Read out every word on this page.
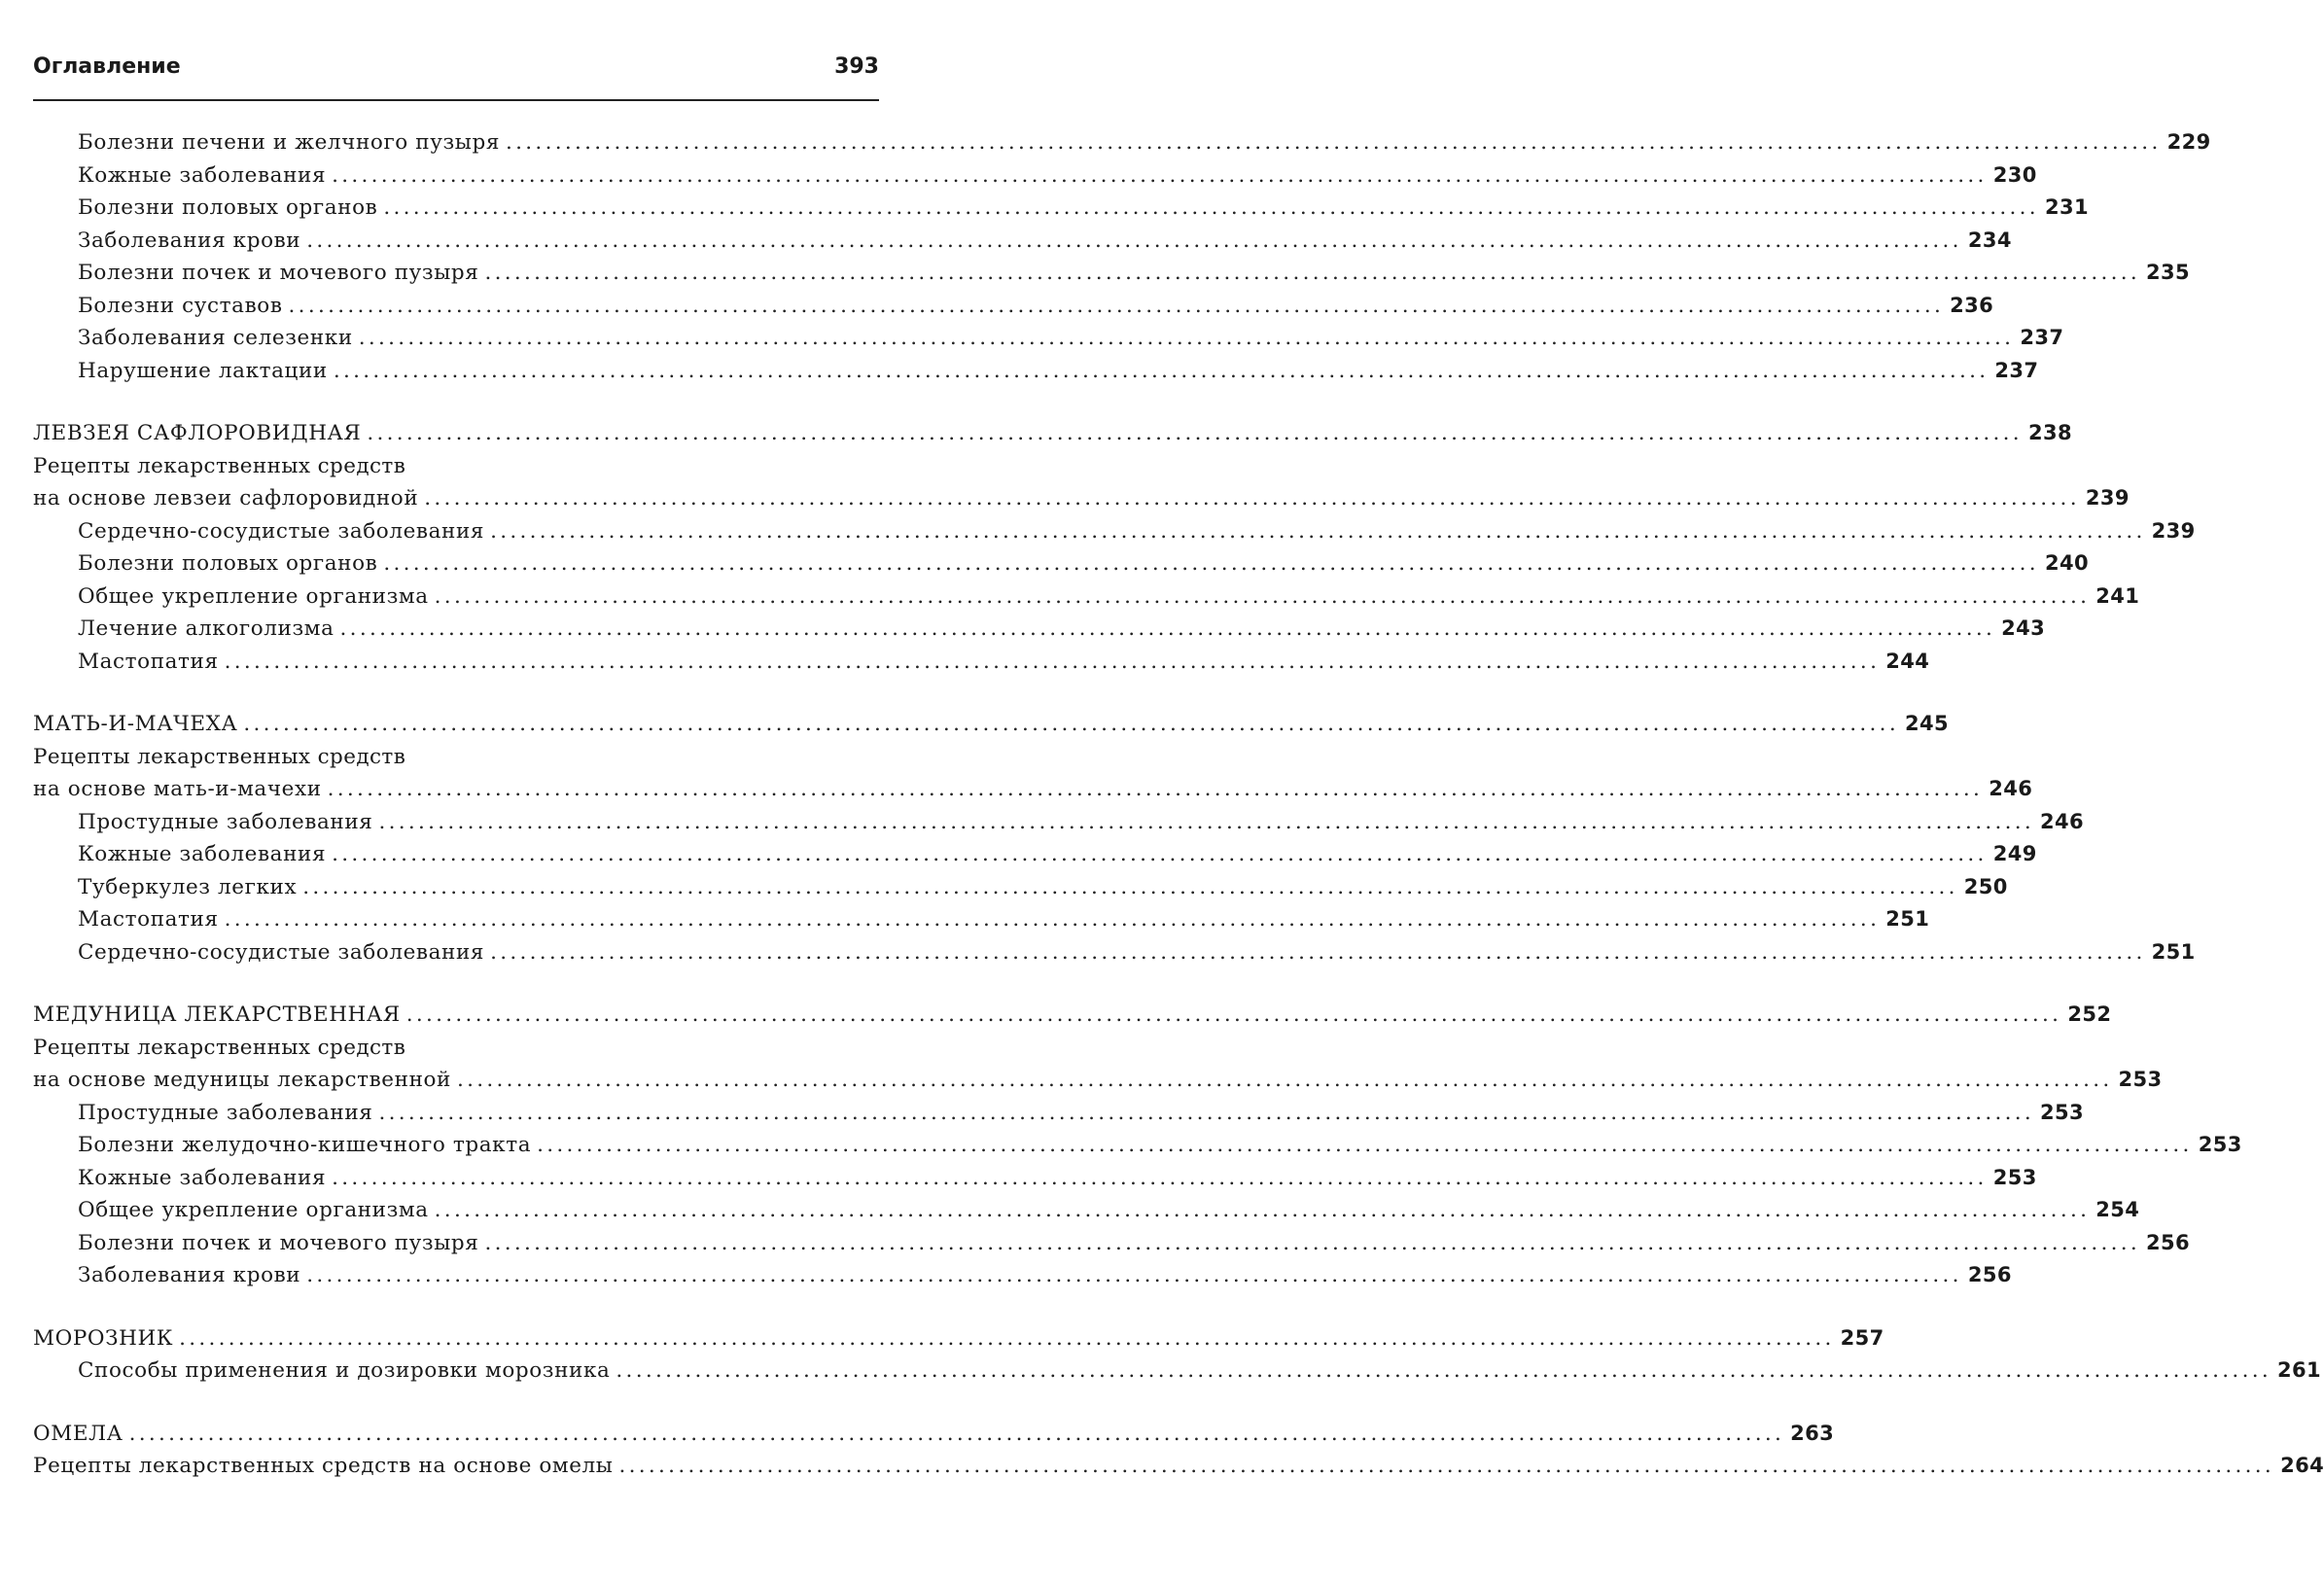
Оглавление	393
Болезни печени и желчного пузыря ........................................................................................................................................................................ 229
Кожные заболевания ........................................................................................................................................................................ 230
Болезни половых органов ........................................................................................................................................................................ 231
Заболевания крови ........................................................................................................................................................................ 234
Болезни почек и мочевого пузыря ........................................................................................................................................................................ 235
Болезни суставов ........................................................................................................................................................................ 236
Заболевания селезенки ........................................................................................................................................................................ 237
Нарушение лактации ........................................................................................................................................................................ 237
ЛЕВЗЕЯ САФЛОРОВИДНАЯ ........................................................................................................................................................................ 238
Рецепты лекарственных средств
на основе левзеи сафлоровидной ........................................................................................................................................................................ 239
Сердечно-сосудистые заболевания ........................................................................................................................................................................ 239
Болезни половых органов ........................................................................................................................................................................ 240
Общее укрепление организма ........................................................................................................................................................................ 241
Лечение алкоголизма ........................................................................................................................................................................ 243
Мастопатия ........................................................................................................................................................................ 244
МАТЬ-И-МАЧЕХА ........................................................................................................................................................................ 245
Рецепты лекарственных средств
на основе мать-и-мачехи ........................................................................................................................................................................ 246
Простудные заболевания ........................................................................................................................................................................ 246
Кожные заболевания ........................................................................................................................................................................ 249
Туберкулез легких ........................................................................................................................................................................ 250
Мастопатия ........................................................................................................................................................................ 251
Сердечно-сосудистые заболевания ........................................................................................................................................................................ 251
МЕДУНИЦА ЛЕКАРСТВЕННАЯ ........................................................................................................................................................................ 252
Рецепты лекарственных средств
на основе медуницы лекарственной ........................................................................................................................................................................ 253
Простудные заболевания ........................................................................................................................................................................ 253
Болезни желудочно-кишечного тракта ........................................................................................................................................................................ 253
Кожные заболевания ........................................................................................................................................................................ 253
Общее укрепление организма ........................................................................................................................................................................ 254
Болезни почек и мочевого пузыря ........................................................................................................................................................................ 256
Заболевания крови ........................................................................................................................................................................ 256
МОРОЗНИК ........................................................................................................................................................................ 257
Способы применения и дозировки морозника ........................................................................................................................................................................ 261
ОМЕЛА ........................................................................................................................................................................ 263
Рецепты лекарственных средств на основе омелы ........................................................................................................................................................................ 264
